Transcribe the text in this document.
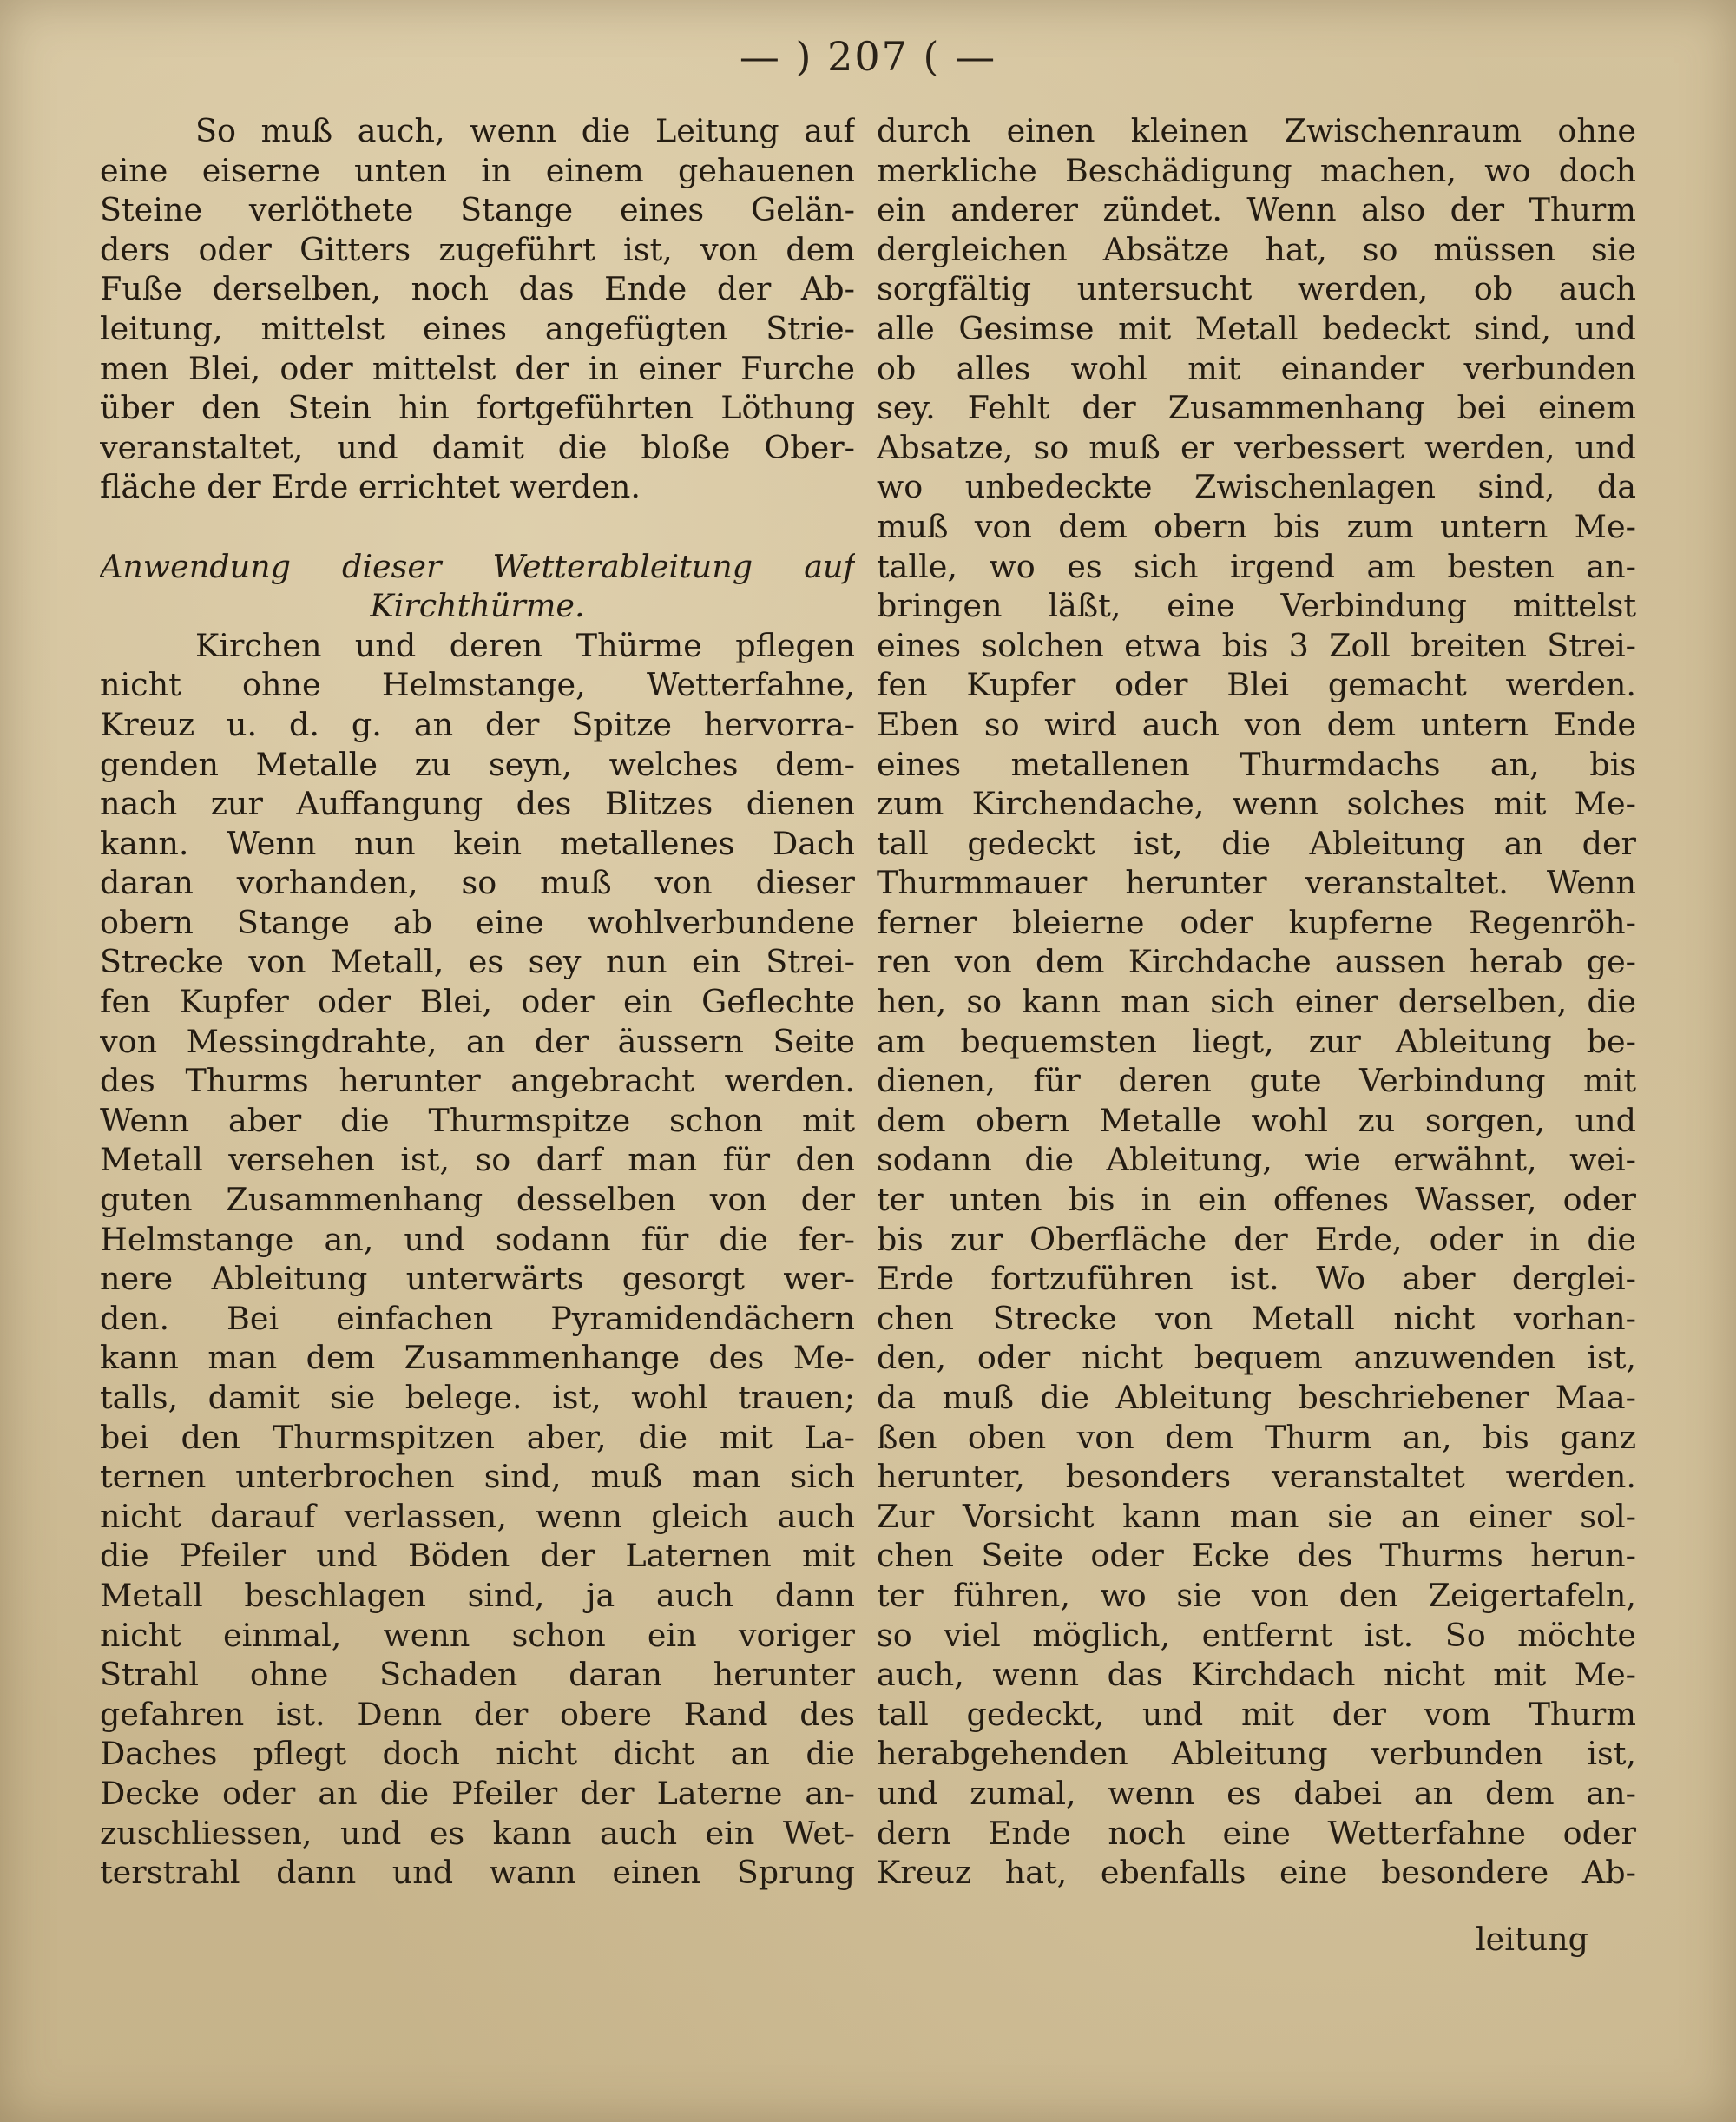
— ) 207 ( —
So muß auch, wenn die Leitung auf
eine eiserne unten in einem gehauenen
Steine verlöthete Stange eines Gelän-
ders oder Gitters zugeführt ist, von dem
Fuße derselben, noch das Ende der Ab-
leitung, mittelst eines angefügten Strie-
men Blei, oder mittelst der in einer Furche
über den Stein hin fortgeführten Löthung
veranstaltet, und damit die bloße Ober-
fläche der Erde errichtet werden.
Anwendung dieser Wetterableitung auf
Kirchthürme.
Kirchen und deren Thürme pflegen
nicht ohne Helmstange, Wetterfahne,
Kreuz u. d. g. an der Spitze hervorra-
genden Metalle zu seyn, welches dem-
nach zur Auffangung des Blitzes dienen
kann. Wenn nun kein metallenes Dach
daran vorhanden, so muß von dieser
obern Stange ab eine wohlverbundene
Strecke von Metall, es sey nun ein Strei-
fen Kupfer oder Blei, oder ein Geflechte
von Messingdrahte, an der äussern Seite
des Thurms herunter angebracht werden.
Wenn aber die Thurmspitze schon mit
Metall versehen ist, so darf man für den
guten Zusammenhang desselben von der
Helmstange an, und sodann für die fer-
nere Ableitung unterwärts gesorgt wer-
den. Bei einfachen Pyramidendächern
kann man dem Zusammenhange des Me-
talls, damit sie belege. ist, wohl trauen;
bei den Thurmspitzen aber, die mit La-
ternen unterbrochen sind, muß man sich
nicht darauf verlassen, wenn gleich auch
die Pfeiler und Böden der Laternen mit
Metall beschlagen sind, ja auch dann
nicht einmal, wenn schon ein voriger
Strahl ohne Schaden daran herunter
gefahren ist. Denn der obere Rand des
Daches pflegt doch nicht dicht an die
Decke oder an die Pfeiler der Laterne an-
zuschliessen, und es kann auch ein Wet-
terstrahl dann und wann einen Sprung
durch einen kleinen Zwischenraum ohne
merkliche Beschädigung machen, wo doch
ein anderer zündet. Wenn also der Thurm
dergleichen Absätze hat, so müssen sie
sorgfältig untersucht werden, ob auch
alle Gesimse mit Metall bedeckt sind, und
ob alles wohl mit einander verbunden
sey. Fehlt der Zusammenhang bei einem
Absatze, so muß er verbessert werden, und
wo unbedeckte Zwischenlagen sind, da
muß von dem obern bis zum untern Me-
talle, wo es sich irgend am besten an-
bringen läßt, eine Verbindung mittelst
eines solchen etwa bis 3 Zoll breiten Strei-
fen Kupfer oder Blei gemacht werden.
Eben so wird auch von dem untern Ende
eines metallenen Thurmdachs an, bis
zum Kirchendache, wenn solches mit Me-
tall gedeckt ist, die Ableitung an der
Thurmmauer herunter veranstaltet. Wenn
ferner bleierne oder kupferne Regenröh-
ren von dem Kirchdache aussen herab ge-
hen, so kann man sich einer derselben, die
am bequemsten liegt, zur Ableitung be-
dienen, für deren gute Verbindung mit
dem obern Metalle wohl zu sorgen, und
sodann die Ableitung, wie erwähnt, wei-
ter unten bis in ein offenes Wasser, oder
bis zur Oberfläche der Erde, oder in die
Erde fortzuführen ist. Wo aber derglei-
chen Strecke von Metall nicht vorhan-
den, oder nicht bequem anzuwenden ist,
da muß die Ableitung beschriebener Maa-
ßen oben von dem Thurm an, bis ganz
herunter, besonders veranstaltet werden.
Zur Vorsicht kann man sie an einer sol-
chen Seite oder Ecke des Thurms herun-
ter führen, wo sie von den Zeigertafeln,
so viel möglich, entfernt ist. So möchte
auch, wenn das Kirchdach nicht mit Me-
tall gedeckt, und mit der vom Thurm
herabgehenden Ableitung verbunden ist,
und zumal, wenn es dabei an dem an-
dern Ende noch eine Wetterfahne oder
Kreuz hat, ebenfalls eine besondere Ab-
leitung
